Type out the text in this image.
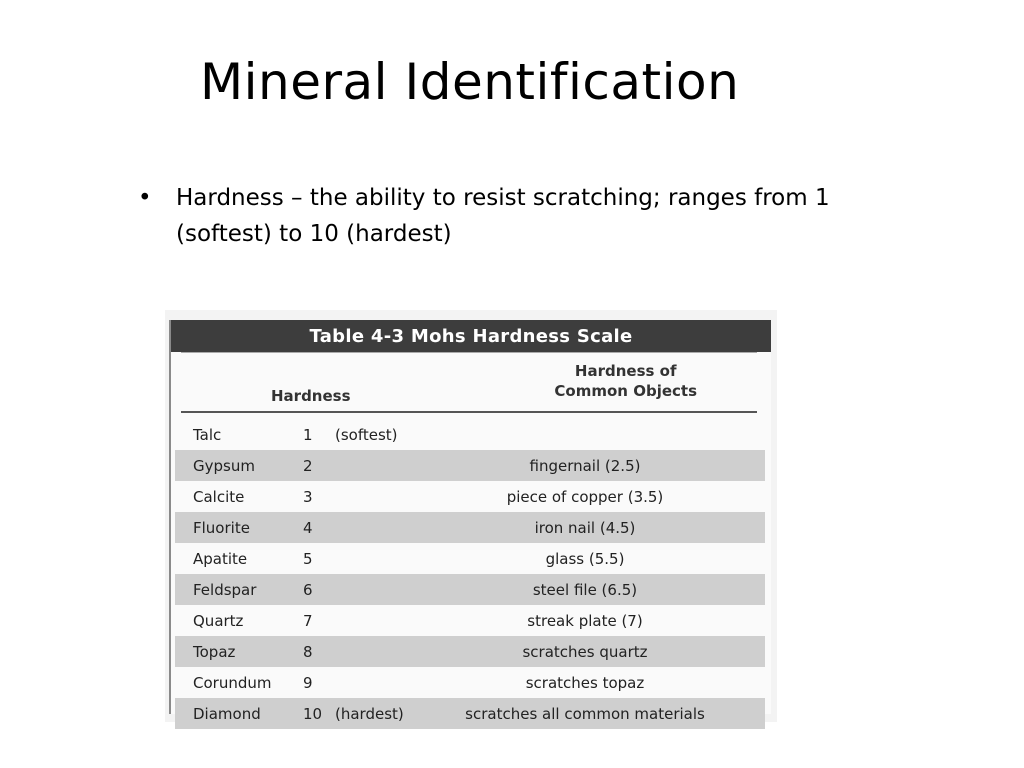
Mineral Identification
• Hardness – the ability to resist scratching; ranges from 1 (softest) to 10 (hardest)
Table 4-3 Mohs Hardness Scale
Hardness
Hardness of
Common Objects
Talc	1 (softest)
Gypsum	2	fingernail (2.5)
Calcite	3	piece of copper (3.5)
Fluorite	4	iron nail (4.5)
Apatite	5	glass (5.5)
Feldspar	6	steel file (6.5)
Quartz	7	streak plate (7)
Topaz	8	scratches quartz
Corundum 9	scratches topaz
Diamond	10 (hardest)	scratches all common materials
